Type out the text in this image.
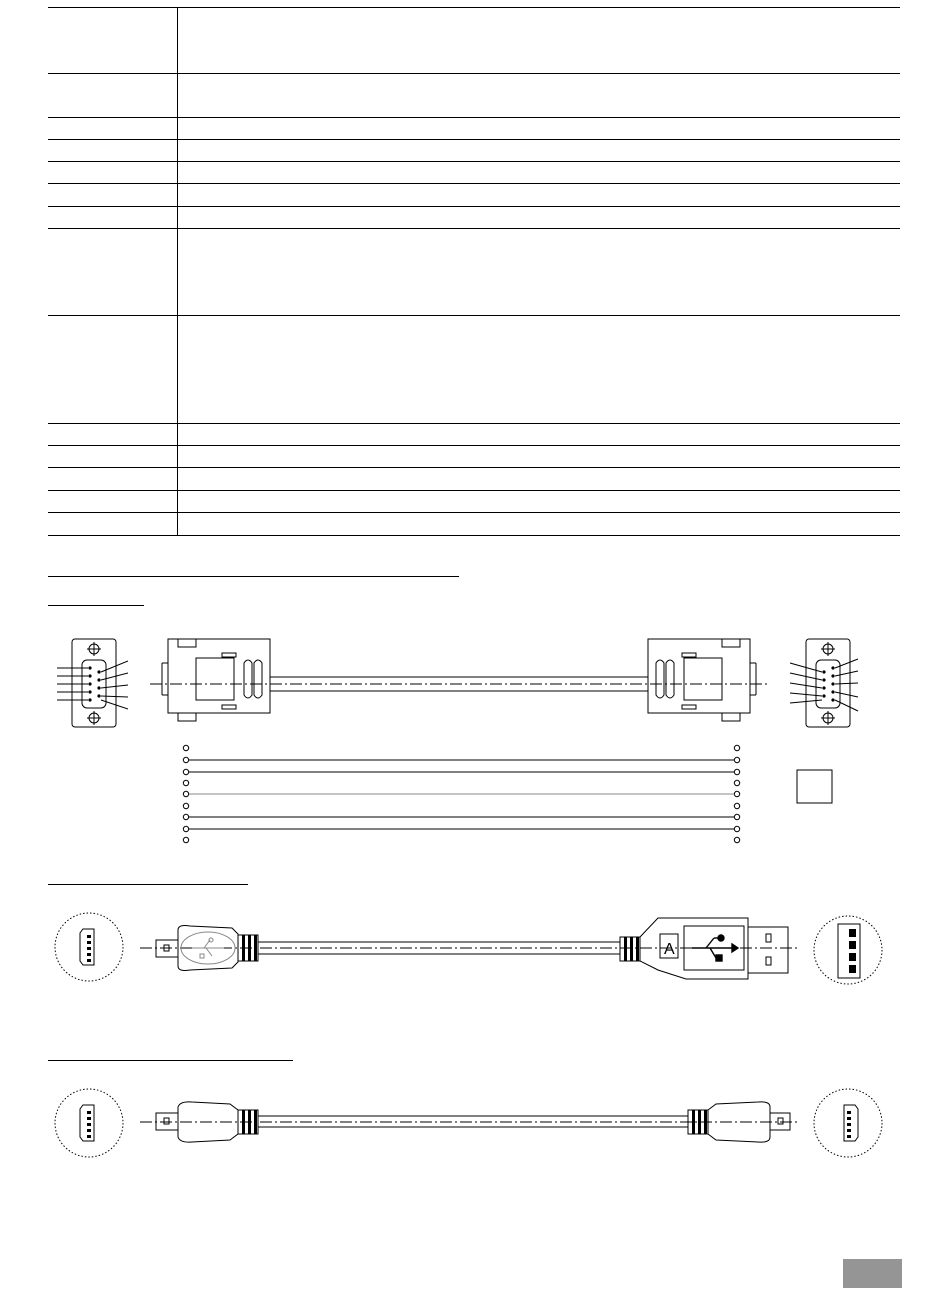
A
